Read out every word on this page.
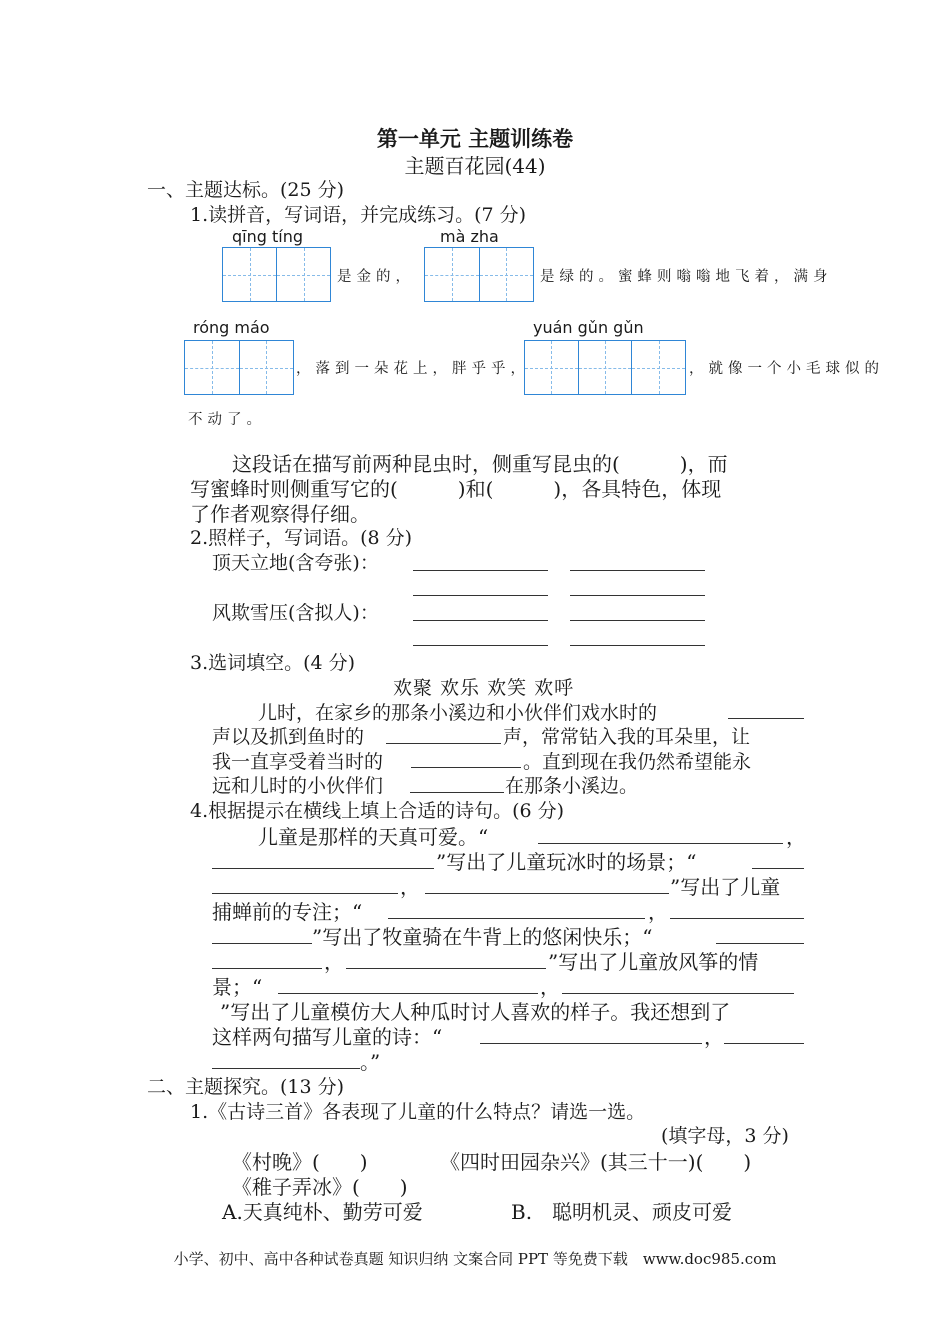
第一单元 主题训练卷
主题百花园(44)
一、主题达标。(25 分)
1.读拼音，写词语，并完成练习。(7 分)
qīng tíng
是金的，
mà zha
是绿的。蜜蜂则嗡嗡地飞着，满身
róng máo
，落到一朵花上，胖乎乎，
yuán gǔn gǔn
，就像一个小毛球似的
不动了。
这段话在描写前两种昆虫时，侧重写昆虫的(　　　)，而
写蜜蜂时则侧重写它的(　　　)和(　　　)，各具特色，体现
了作者观察得仔细。
2.照样子，写词语。(8 分)
顶天立地(含夸张)：
风欺雪压(含拟人)：
3.选词填空。(4 分)
欢聚 欢乐 欢笑 欢呼
儿时，在家乡的那条小溪边和小伙伴们戏水时的
声以及抓到鱼时的	声，常常钻入我的耳朵里，让
我一直享受着当时的	。直到现在我仍然希望能永
远和儿时的小伙伴们	在那条小溪边。
4.根据提示在横线上填上合适的诗句。(6 分)
儿童是那样的天真可爱。“	，
”写出了儿童玩冰时的场景；“
，	”写出了儿童
捕蝉前的专注；“	，
”写出了牧童骑在牛背上的悠闲快乐；“
，	”写出了儿童放风筝的情
景；“	，
”写出了儿童模仿大人种瓜时讨人喜欢的样子。我还想到了
这样两句描写儿童的诗：“	，
。”
二、主题探究。(13 分)
1.《古诗三首》各表现了儿童的什么特点？请选一选。
(填字母，3 分)
《村晚》(　　)	《四时田园杂兴》(其三十一)(　　)
《稚子弄冰》(　　)
A.天真纯朴、勤劳可爱	B.　聪明机灵、顽皮可爱
小学、初中、高中各种试卷真题 知识归纳 文案合同 PPT 等免费下载　www.doc985.com
